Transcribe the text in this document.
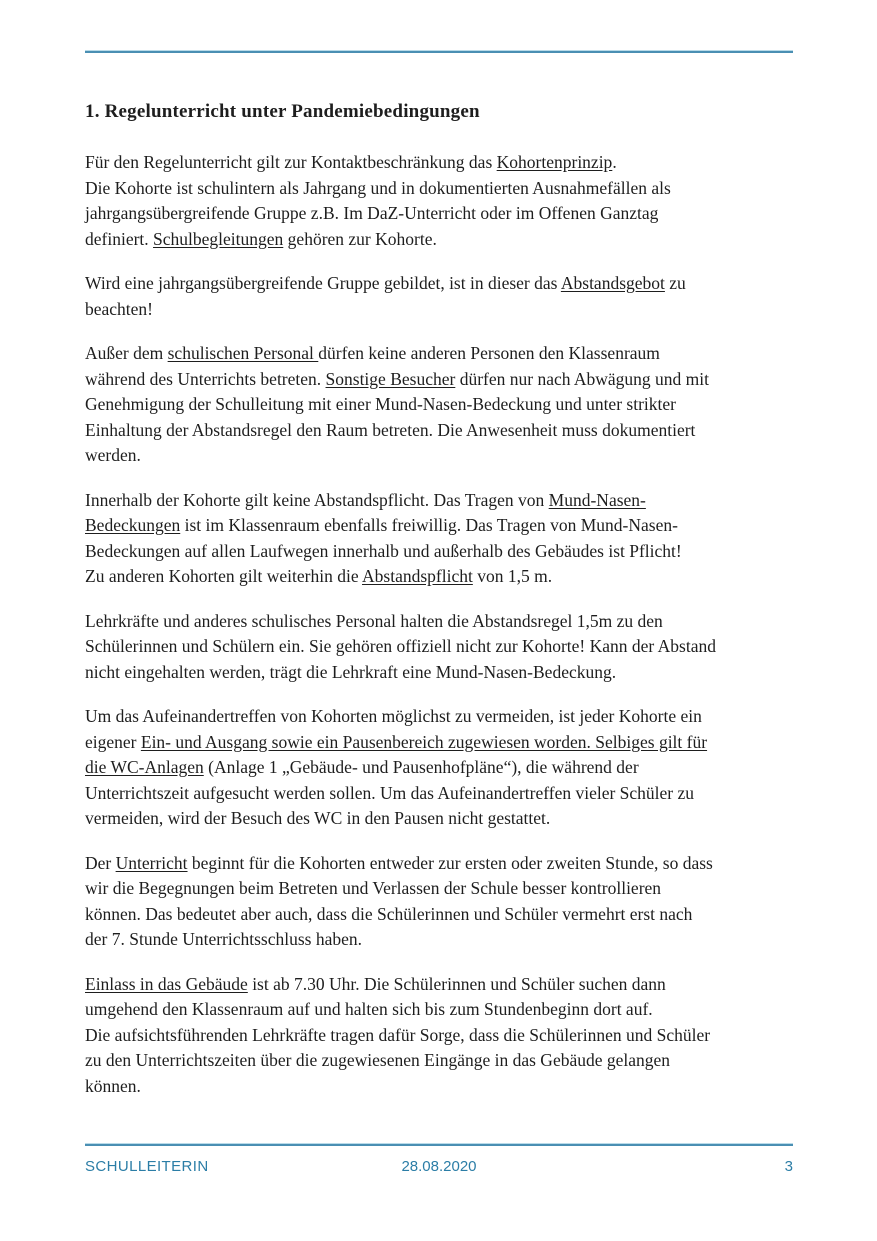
1. Regelunterricht unter Pandemiebedingungen

Für den Regelunterricht gilt zur Kontaktbeschränkung das Kohortenprinzip.
Die Kohorte ist schulintern als Jahrgang und in dokumentierten Ausnahmefällen als
jahrgangsübergreifende Gruppe z.B. Im DaZ-Unterricht oder im Offenen Ganztag
definiert. Schulbegleitungen gehören zur Kohorte.

Wird eine jahrgangsübergreifende Gruppe gebildet, ist in dieser das Abstandsgebot zu
beachten!

Außer dem schulischen Personal dürfen keine anderen Personen den Klassenraum
während des Unterrichts betreten. Sonstige Besucher dürfen nur nach Abwägung und mit
Genehmigung der Schulleitung mit einer Mund-Nasen-Bedeckung und unter strikter
Einhaltung der Abstandsregel den Raum betreten. Die Anwesenheit muss dokumentiert
werden.

Innerhalb der Kohorte gilt keine Abstandspflicht. Das Tragen von Mund-Nasen-
Bedeckungen ist im Klassenraum ebenfalls freiwillig. Das Tragen von Mund-Nasen-
Bedeckungen auf allen Laufwegen innerhalb und außerhalb des Gebäudes ist Pflicht!
Zu anderen Kohorten gilt weiterhin die Abstandspflicht von 1,5 m.

Lehrkräfte und anderes schulisches Personal halten die Abstandsregel 1,5m zu den
Schülerinnen und Schülern ein. Sie gehören offiziell nicht zur Kohorte! Kann der Abstand
nicht eingehalten werden, trägt die Lehrkraft eine Mund-Nasen-Bedeckung.

Um das Aufeinandertreffen von Kohorten möglichst zu vermeiden, ist jeder Kohorte ein
eigener Ein- und Ausgang sowie ein Pausenbereich zugewiesen worden. Selbiges gilt für
die WC-Anlagen (Anlage 1 „Gebäude- und Pausenhofpläne“), die während der
Unterrichtszeit aufgesucht werden sollen. Um das Aufeinandertreffen vieler Schüler zu
vermeiden, wird der Besuch des WC in den Pausen nicht gestattet.

Der Unterricht beginnt für die Kohorten entweder zur ersten oder zweiten Stunde, so dass
wir die Begegnungen beim Betreten und Verlassen der Schule besser kontrollieren
können. Das bedeutet aber auch, dass die Schülerinnen und Schüler vermehrt erst nach
der 7. Stunde Unterrichtsschluss haben.

Einlass in das Gebäude ist ab 7.30 Uhr. Die Schülerinnen und Schüler suchen dann
umgehend den Klassenraum auf und halten sich bis zum Stundenbeginn dort auf.
Die aufsichtsführenden Lehrkräfte tragen dafür Sorge, dass die Schülerinnen und Schüler
zu den Unterrichtszeiten über die zugewiesenen Eingänge in das Gebäude gelangen
können.

SCHULLEITERIN	28.08.2020	3
